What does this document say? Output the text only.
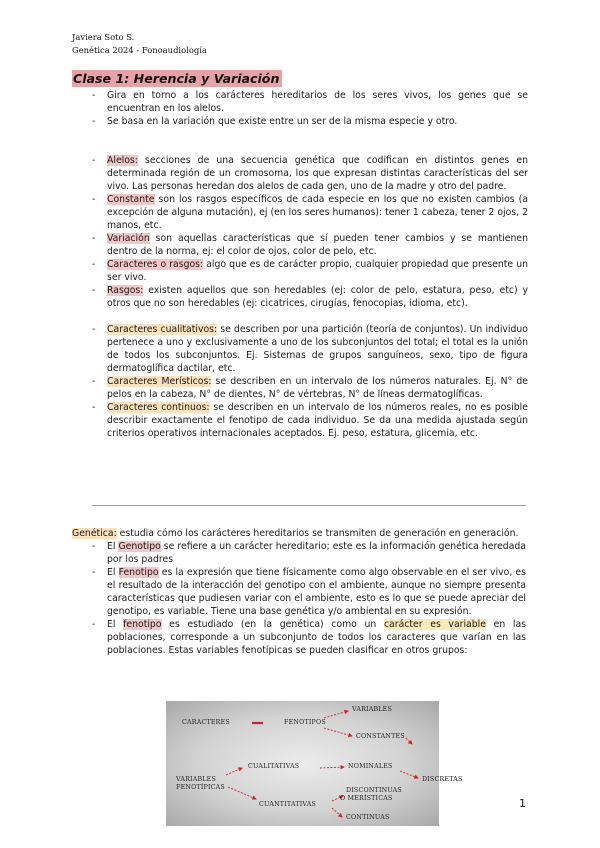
Javiera Soto S.
Genética 2024 - Fonoaudiología
Clase 1: Herencia y Variación
- Gira en torno a los carácteres hereditarios de los seres vivos, los genes que se encuentran en los alelos.
- Se basa en la variación que existe entre un ser de la misma especie y otro.
- Alelos: secciones de una secuencia genética que codifican en distintos genes en determinada región de un cromosoma, los que expresan distintas características del ser vivo. Las personas heredan dos alelos de cada gen, uno de la madre y otro del padre.
- Constante son los rasgos específicos de cada especie en los que no existen cambios (a excepción de alguna mutación), ej (en los seres humanos): tener 1 cabeza, tener 2 ojos, 2 manos, etc.
- Variación son aquellas características que sí pueden tener cambios y se mantienen dentro de la norma, ej: el color de ojos, color de pelo, etc.
- Caracteres o rasgos: algo que es de carácter propio, cualquier propiedad que presente un ser vivo.
- Rasgos: existen aquellos que son heredables (ej: color de pelo, estatura, peso, etc) y otros que no son heredables (ej: cicatrices, cirugías, fenocopias, idioma, etc).
- Caracteres cualitativos: se describen por una partición (teoría de conjuntos). Un individuo pertenece a uno y exclusivamente a uno de los subconjuntos del total; el total es la unión de todos los subconjuntos. Ej. Sistemas de grupos sanguíneos, sexo, tipo de figura dermatoglífica dactilar, etc.
- Caracteres Merísticos: se describen en un intervalo de los números naturales. Ej. N° de pelos en la cabeza, N° de dientes, N° de vértebras, N° de líneas dermatoglíficas.
- Caracteres continuos: se describen en un intervalo de los números reales, no es posible describir exactamente el fenotipo de cada individuo. Se da una medida ajustada según criterios operativos internacionales aceptados. Ej. peso, estatura, glicemia, etc.

Genética: estudia cómo los carácteres hereditarios se transmiten de generación en generación.

- El Genotipo se refiere a un carácter hereditario; este es la información genética heredada por los padres
- El Fenotipo es la expresión que tiene físicamente como algo observable en el ser vivo, es el resultado de la interacción del genotipo con el ambiente, aunque no siempre presenta características que pudiesen variar con el ambiente, esto es lo que se puede apreciar del genotipo, es variable. Tiene una base genética y/o ambiental en su expresión.
- El fenotipo es estudiado (en la genética) como un carácter es variable en las poblaciones, corresponde a un subconjunto de todos los caracteres que varían en las poblaciones. Estas variables fenotípicas se pueden clasificar en otros grupos:
CARACTERES	FENOTIPOS
VARIABLES
CONSTANTES
CUALITATIVAS	NOMINALES
DISCRETAS
VARIABLES
FENOTÍPICAS
CUANTITATIVAS
DISCONTINUAS
O MERÍSTICAS
CONTINUAS
1
